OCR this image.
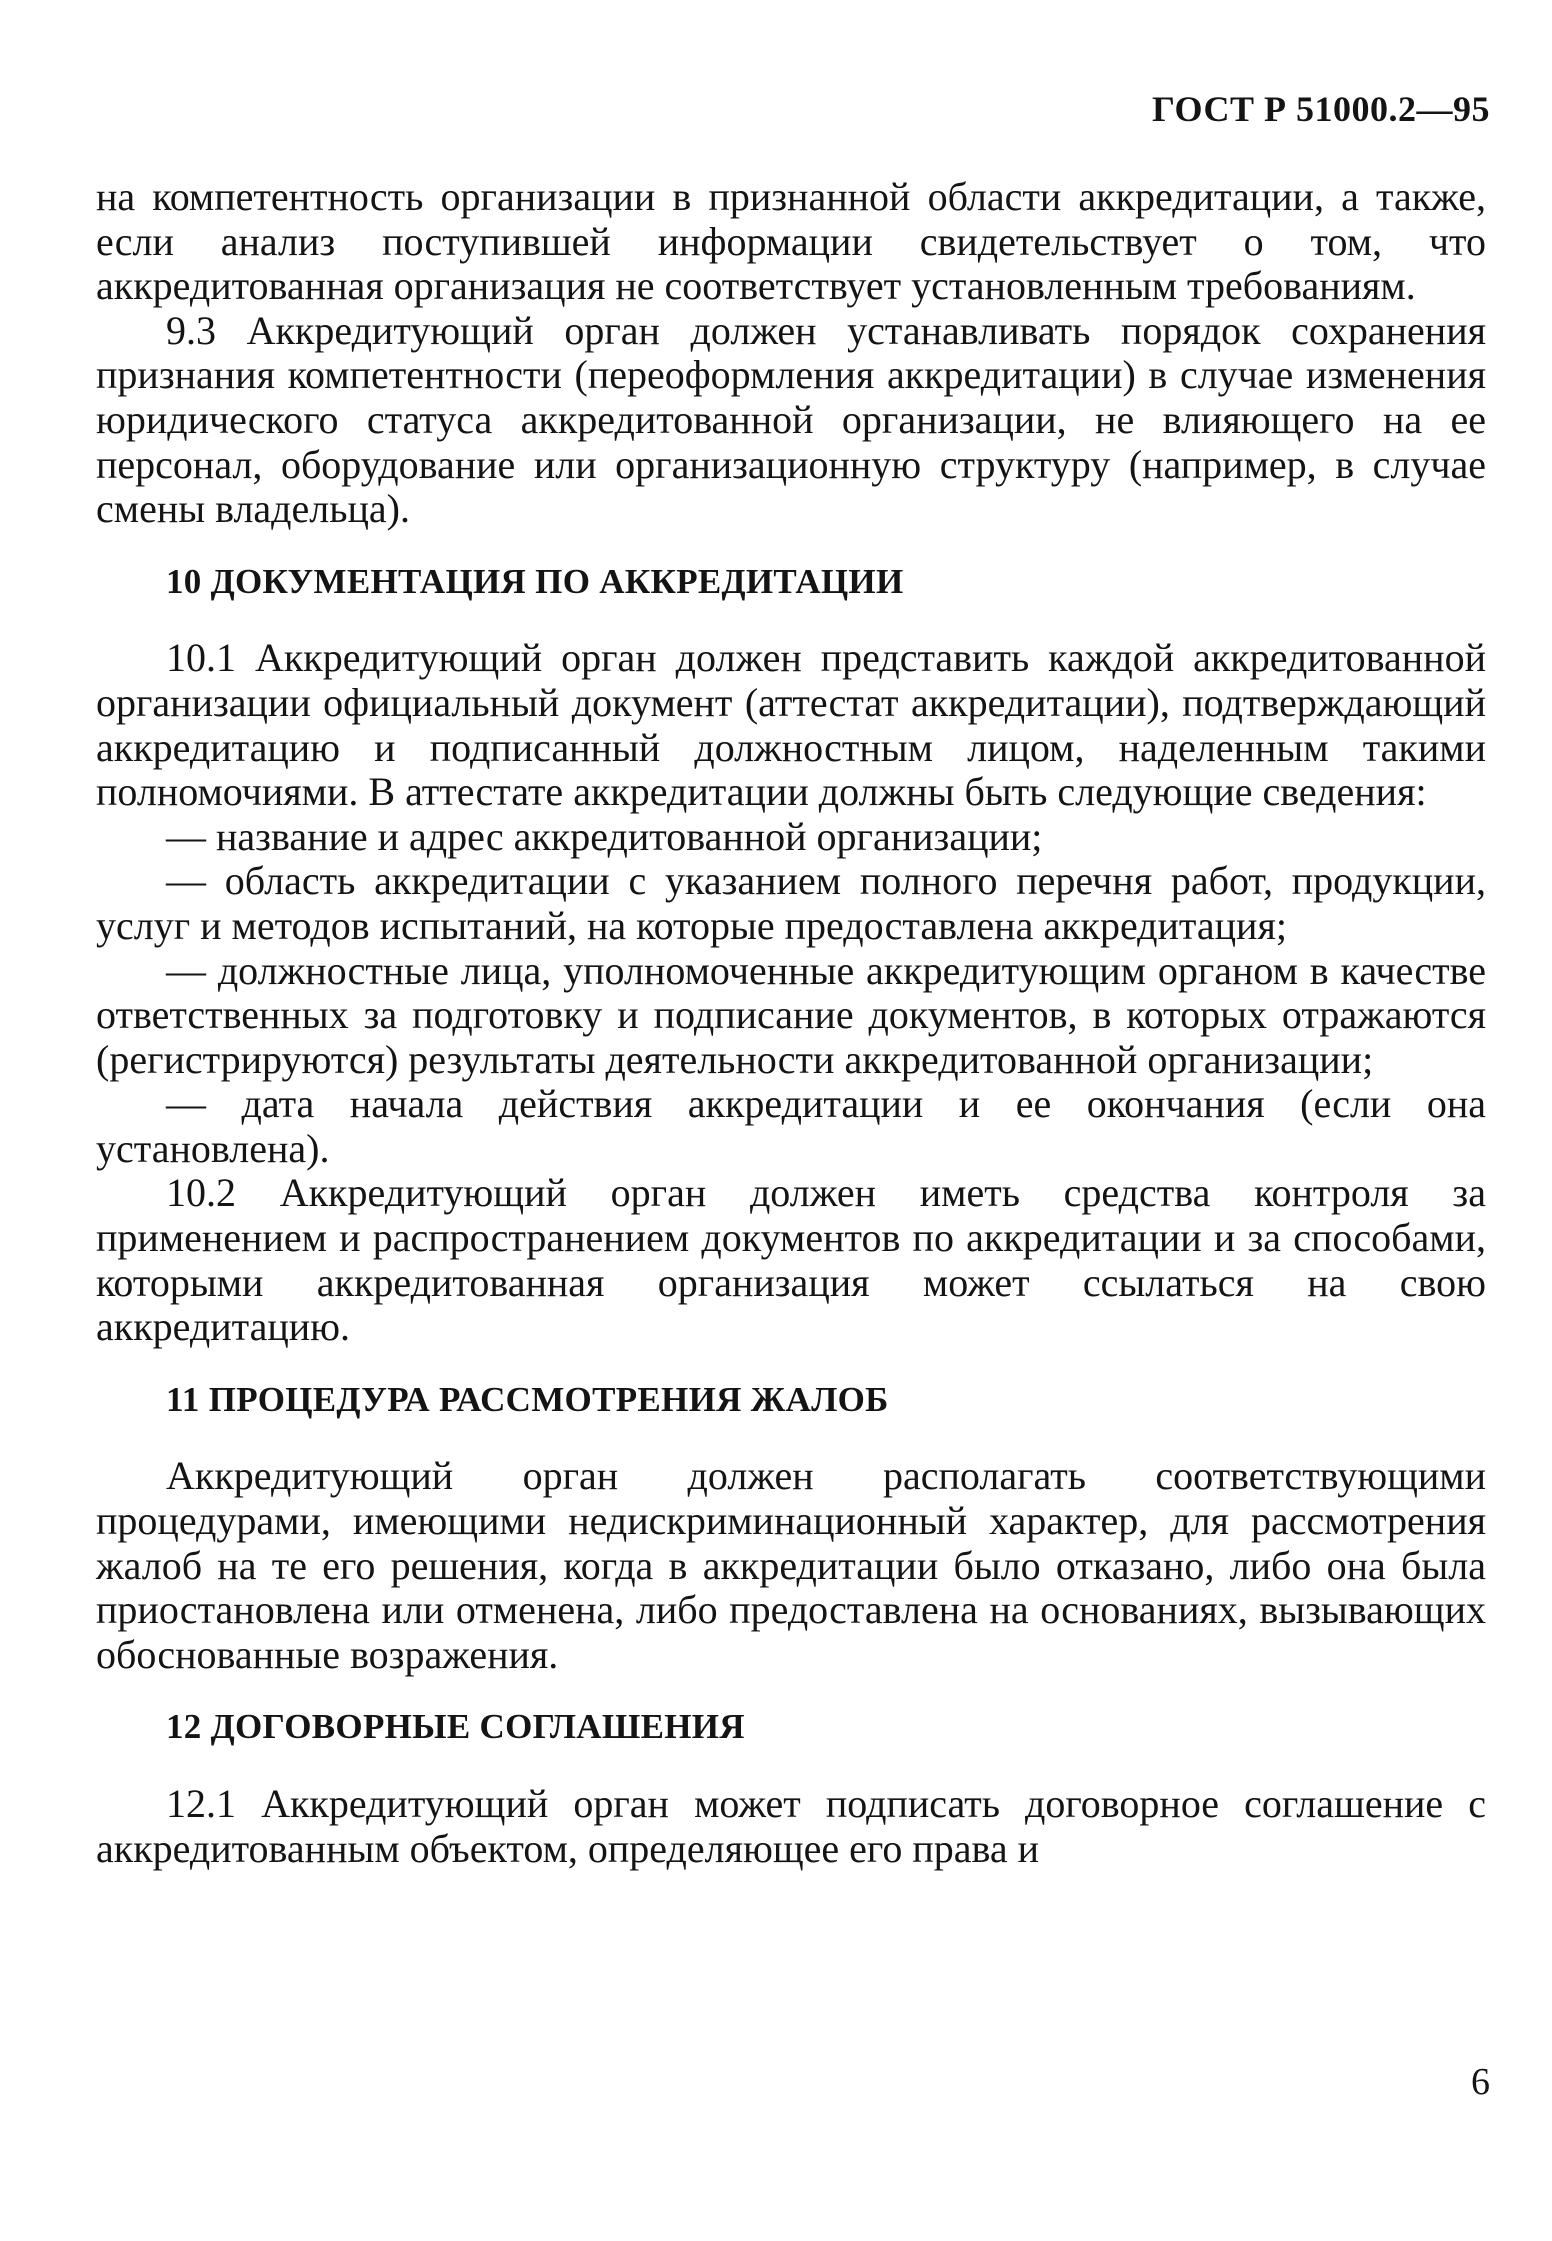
ГОСТ Р 51000.2—95

на компетентность организации в признанной области аккредитации, а также, если анализ поступившей информации свидетельствует о том, что аккредитованная организация не соответствует установленным требованиям.

9.3 Аккредитующий орган должен устанавливать порядок сохранения признания компетентности (переоформления аккредитации) в случае изменения юридического статуса аккредитованной организации, не влияющего на ее персонал, оборудование или организационную структуру (например, в случае смены владельца).

10 ДОКУМЕНТАЦИЯ ПО АККРЕДИТАЦИИ

10.1 Аккредитующий орган должен представить каждой аккредитованной организации официальный документ (аттестат аккредитации), подтверждающий аккредитацию и подписанный должностным лицом, наделенным такими полномочиями. В аттестате аккредитации должны быть следующие сведения:

— название и адрес аккредитованной организации;

— область аккредитации с указанием полного перечня работ, продукции, услуг и методов испытаний, на которые предоставлена аккредитация;

— должностные лица, уполномоченные аккредитующим органом в качестве ответственных за подготовку и подписание документов, в которых отражаются (регистрируются) результаты деятельности аккредитованной организации;

— дата начала действия аккредитации и ее окончания (если она установлена).

10.2 Аккредитующий орган должен иметь средства контроля за применением и распространением документов по аккредитации и за способами, которыми аккредитованная организация может ссылаться на свою аккредитацию.

11 ПРОЦЕДУРА РАССМОТРЕНИЯ ЖАЛОБ

Аккредитующий орган должен располагать соответствующими процедурами, имеющими недискриминационный характер, для рассмотрения жалоб на те его решения, когда в аккредитации было отказано, либо она была приостановлена или отменена, либо предоставлена на основаниях, вызывающих обоснованные возражения.

12 ДОГОВОРНЫЕ СОГЛАШЕНИЯ

12.1 Аккредитующий орган может подписать договорное соглашение с аккредитованным объектом, определяющее его права и

6
